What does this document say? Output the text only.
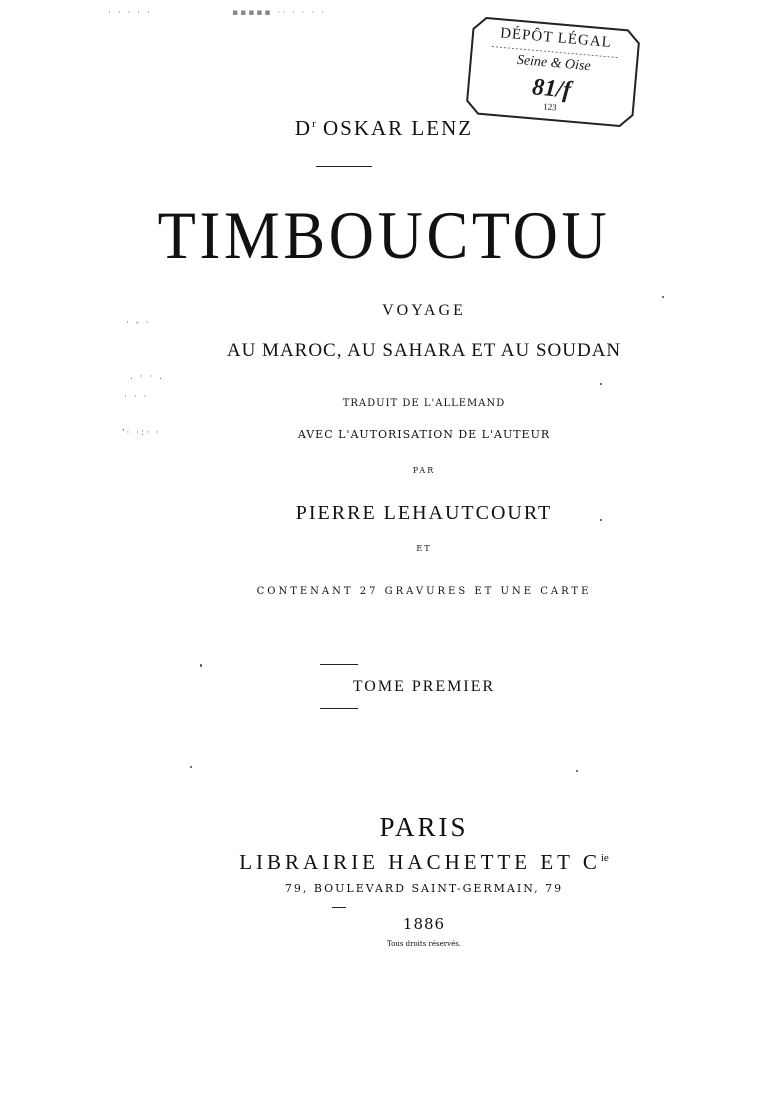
· · · · ·	▪▪▪▪▪ ·· · · · ·
DÉPÔT LÉGAL
Seine & Oise
81/f
123
$D^r$ OSKAR LENZ
TIMBOUCTOU
VOYAGE
AU MAROC, AU SAHARA ET AU SOUDAN
TRADUIT DE L'ALLEMAND
AVEC L'AUTORISATION DE L'AUTEUR
PAR
PIERRE LEHAUTCOURT
ET
CONTENANT 27 GRAVURES ET UNE CARTE
TOME PREMIER
PARIS
LIBRAIRIE HACHETTE ET $C^{ie}$
79, BOULEVARD SAINT-GERMAIN, 79
1886
Tous droits réservés.
· - ·
. · · .
· · ·
'· ·:· ·
